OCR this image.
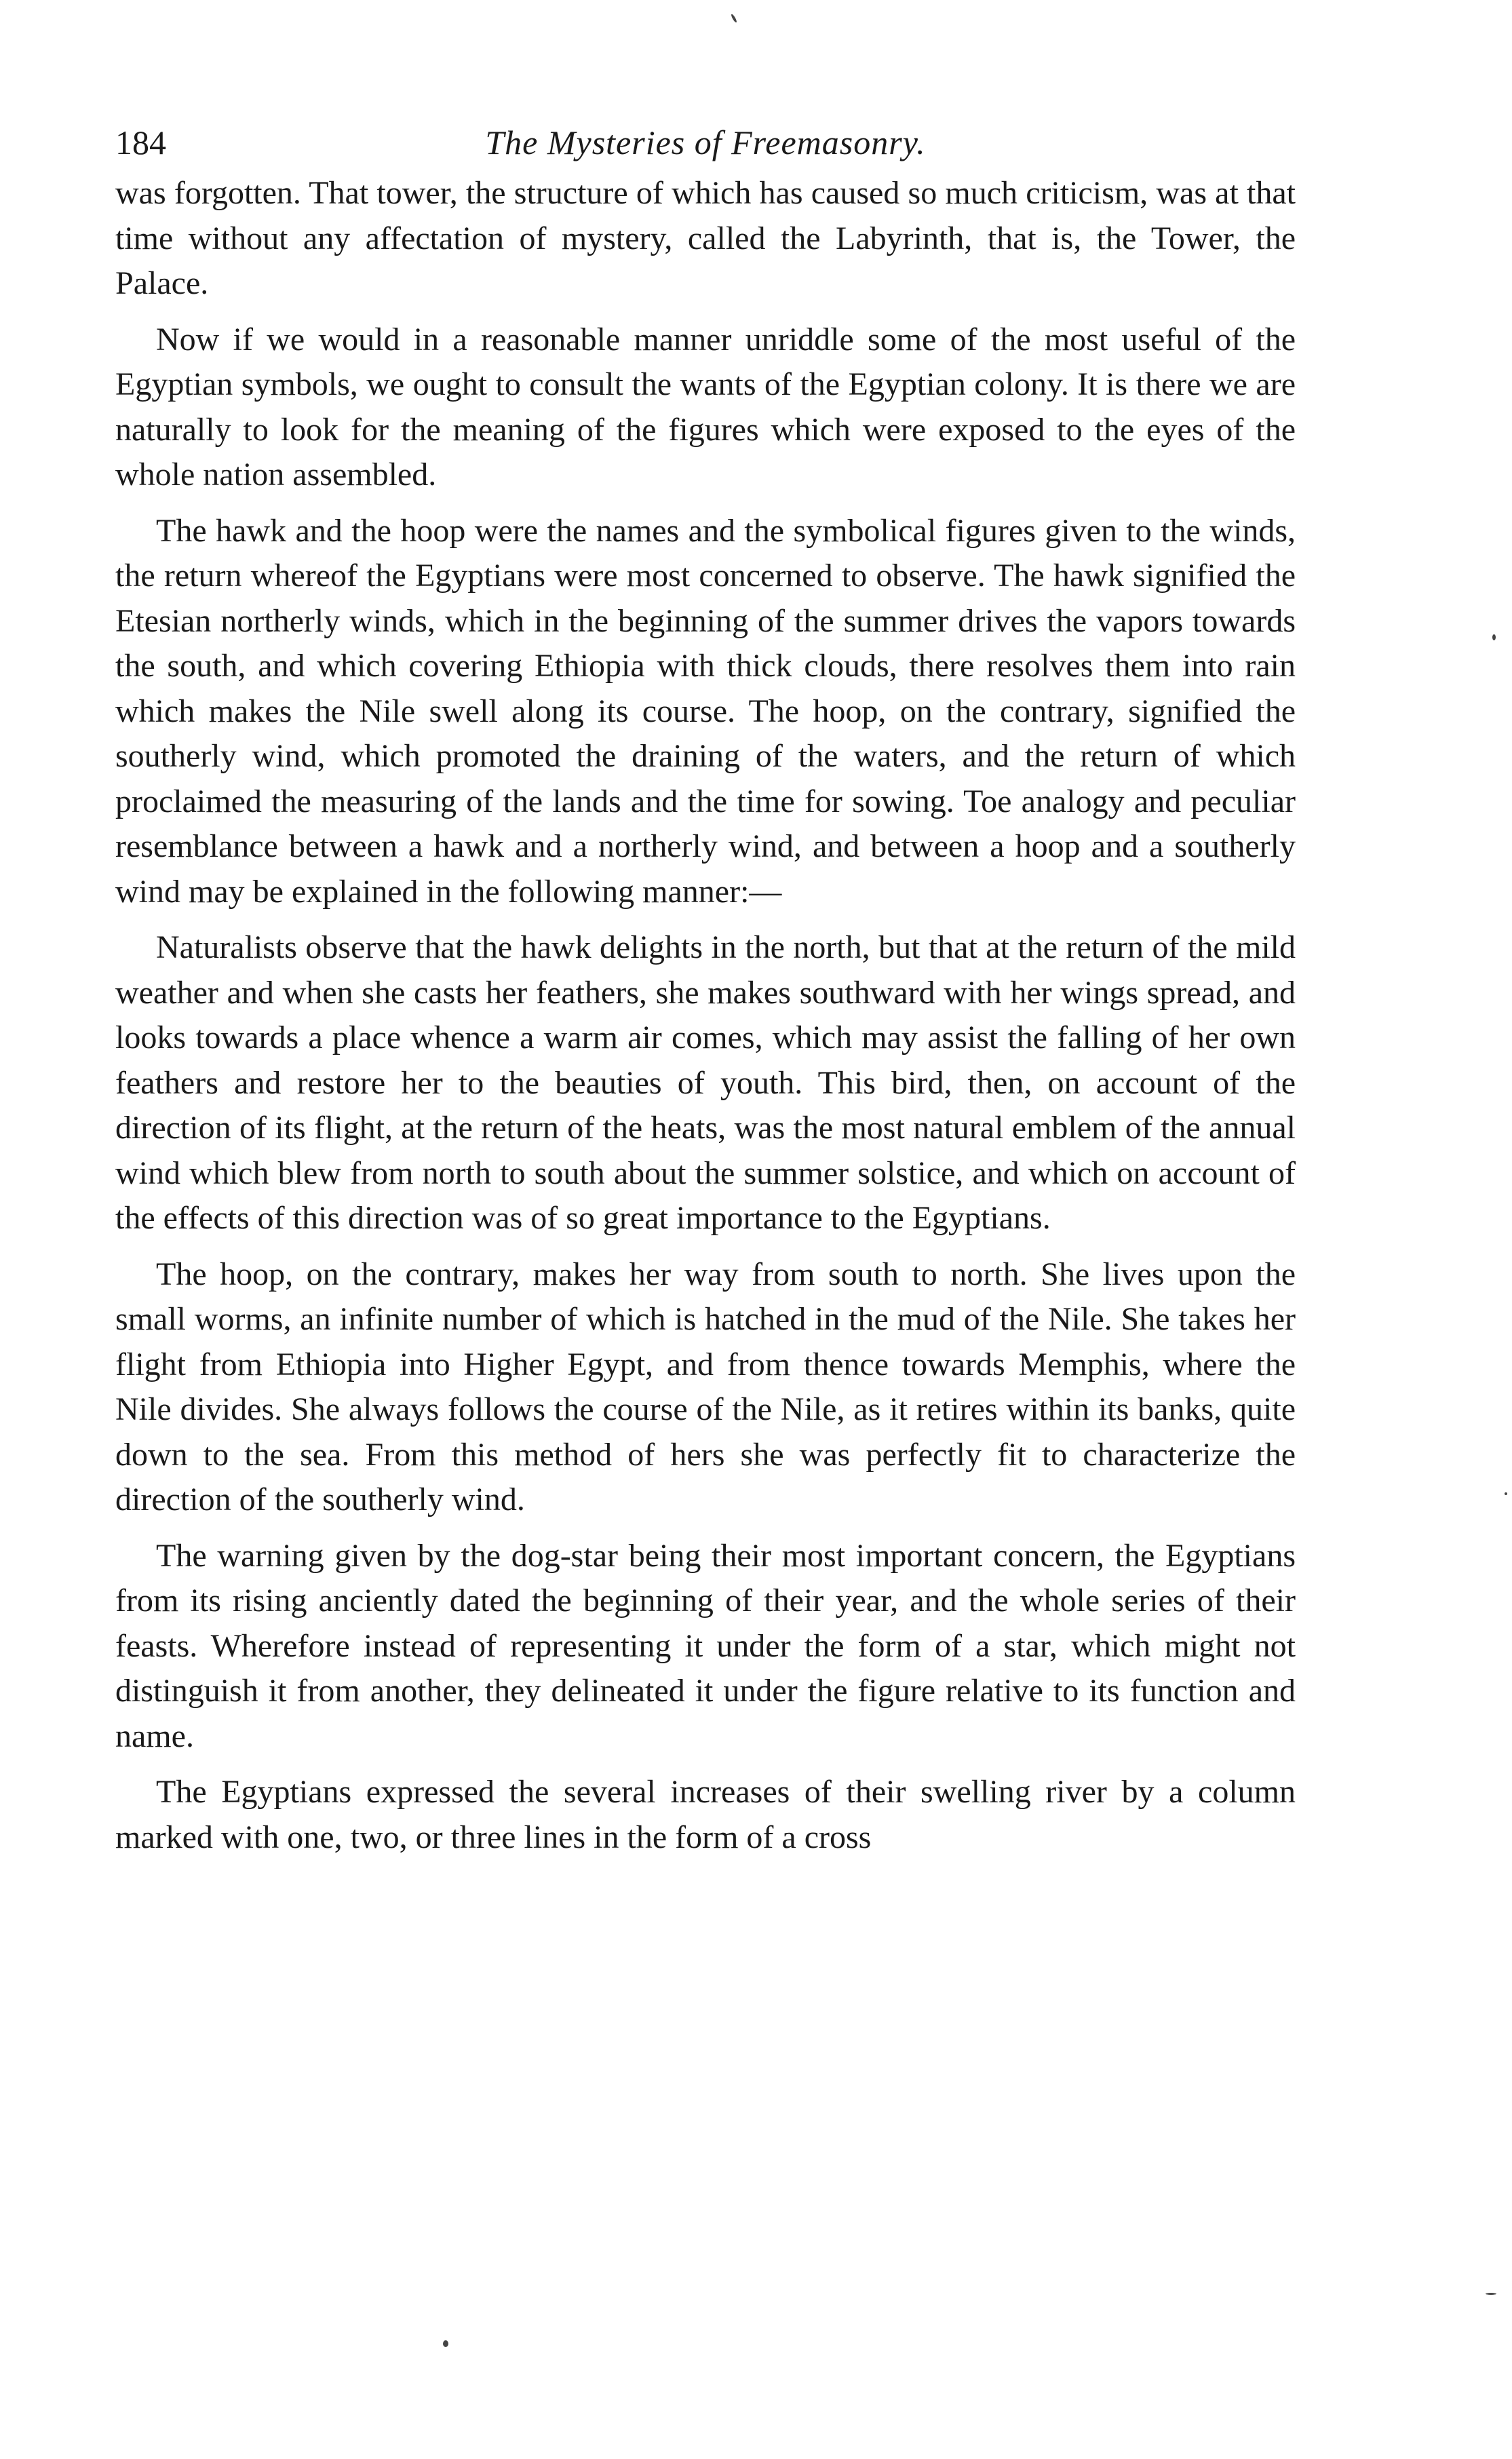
184	The Mysteries of Freemasonry.

was forgotten. That tower, the structure of which has caused so much criticism, was at that time without any affectation of mystery, called the Labyrinth, that is, the Tower, the Palace.

Now if we would in a reasonable manner unriddle some of the most useful of the Egyptian symbols, we ought to consult the wants of the Egyptian colony. It is there we are naturally to look for the meaning of the figures which were exposed to the eyes of the whole nation assembled.

The hawk and the hoop were the names and the symbolical figures given to the winds, the return whereof the Egyptians were most concerned to observe. The hawk signified the Etesian northerly winds, which in the beginning of the summer drives the vapors towards the south, and which covering Ethiopia with thick clouds, there resolves them into rain which makes the Nile swell along its course. The hoop, on the contrary, signified the southerly wind, which promoted the draining of the waters, and the return of which proclaimed the measuring of the lands and the time for sowing. Toe analogy and peculiar resemblance between a hawk and a northerly wind, and between a hoop and a southerly wind may be explained in the following manner:—

Naturalists observe that the hawk delights in the north, but that at the return of the mild weather and when she casts her feathers, she makes southward with her wings spread, and looks towards a place whence a warm air comes, which may assist the falling of her own feathers and restore her to the beauties of youth. This bird, then, on account of the direction of its flight, at the return of the heats, was the most natural emblem of the annual wind which blew from north to south about the summer solstice, and which on account of the effects of this direction was of so great importance to the Egyptians.

The hoop, on the contrary, makes her way from south to north. She lives upon the small worms, an infinite number of which is hatched in the mud of the Nile. She takes her flight from Ethiopia into Higher Egypt, and from thence towards Memphis, where the Nile divides. She always follows the course of the Nile, as it retires within its banks, quite down to the sea. From this method of hers she was perfectly fit to characterize the direction of the southerly wind.

The warning given by the dog-star being their most important concern, the Egyptians from its rising anciently dated the beginning of their year, and the whole series of their feasts. Wherefore instead of representing it under the form of a star, which might not distinguish it from another, they delineated it under the figure relative to its function and name.

The Egyptians expressed the several increases of their swelling river by a column marked with one, two, or three lines in the form of a cross
